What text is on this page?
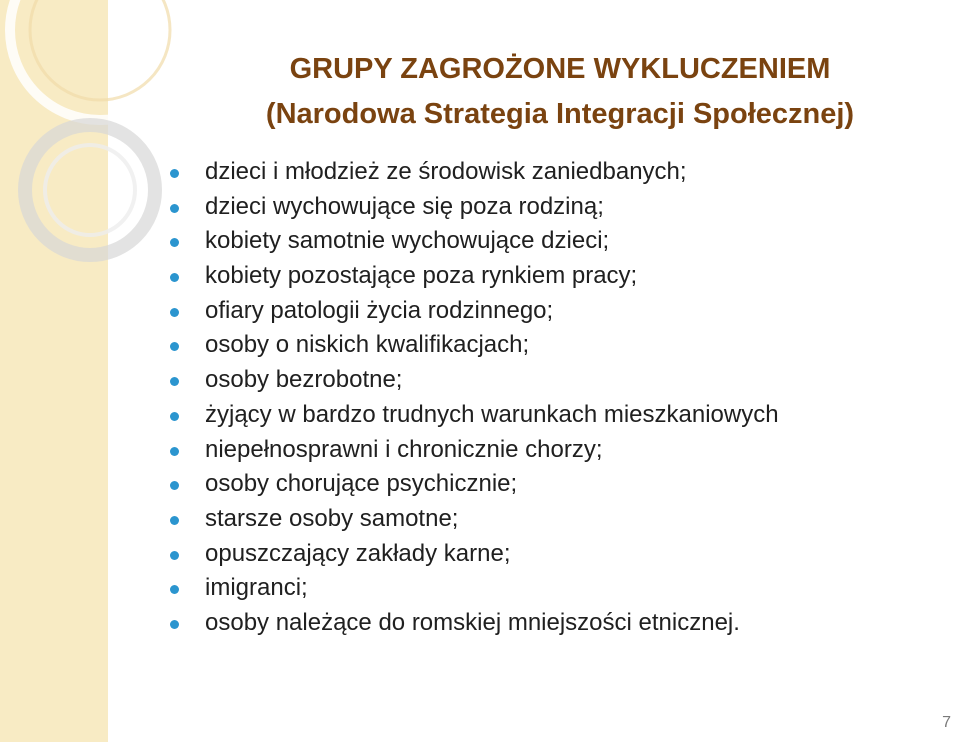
GRUPY ZAGROŻONE WYKLUCZENIEM
(Narodowa Strategia Integracji Społecznej)
dzieci i młodzież ze środowisk zaniedbanych;
dzieci wychowujące się poza rodziną;
kobiety samotnie wychowujące dzieci;
kobiety pozostające poza rynkiem pracy;
ofiary patologii życia rodzinnego;
osoby o niskich kwalifikacjach;
osoby bezrobotne;
żyjący w bardzo trudnych warunkach mieszkaniowych
niepełnosprawni i chronicznie chorzy;
osoby chorujące psychicznie;
starsze osoby samotne;
opuszczający zakłady karne;
imigranci;
osoby należące do romskiej mniejszości etnicznej.
7
